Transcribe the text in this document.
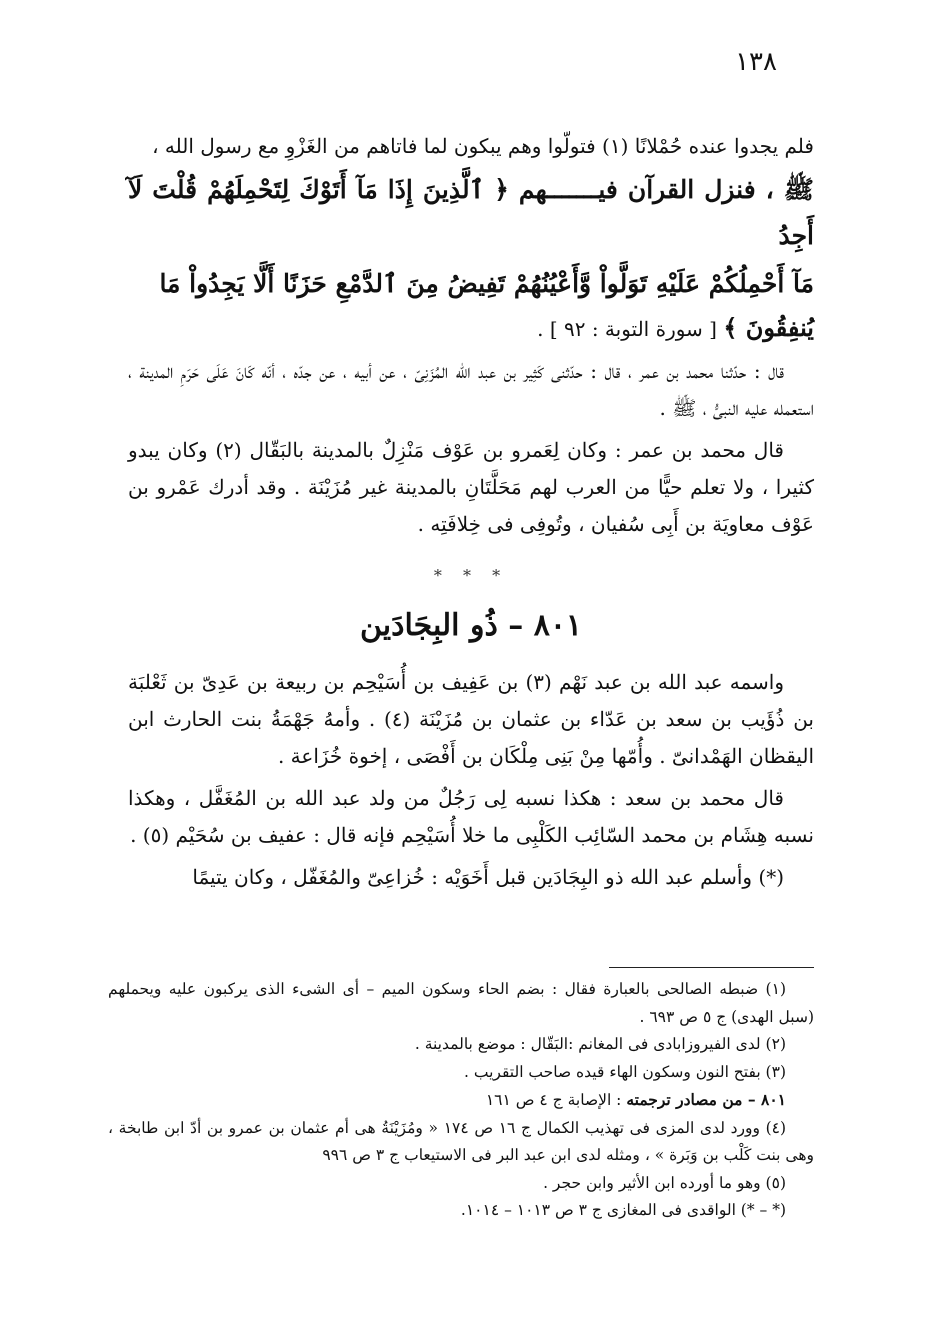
١٣٨

فلم يجدوا عنده حُمْلانًا (١) فتولّوا وهم يبكون لما فاتاهم من الغَزْوِ مع رسول الله ،

ﷺ ، فنزل القرآن فيـــــــهم ﴿ ٱلَّذِينَ إِذَا مَآ أَتَوْكَ لِتَحْمِلَهُمْ قُلْتَ لَآ أَجِدُ
مَآ أَحْمِلُكُمْ عَلَيْهِ تَوَلَّواْ وَّأَعْيُنُهُمْ تَفِيضُ مِنَ ٱلدَّمْعِ حَزَنًا أَلَّا يَجِدُواْ مَا
يُنفِقُونَ ﴾ [ سورة التوبة : ٩٢ ] .

قال : حدّثنا محمد بن عمر ، قال : حدّثنى كَثِير بن عبد الله المُزَنِىّ ، عن أبيه ، عن جدّه ، أنّه كَانَ عَلَى حَرَمِ المدينة ، استعمله عليه النبىُّ ، ﷺ .

قال محمد بن عمر : وكان لِعَمرو بن عَوْف مَنْزِلٌ بالمدينة بالبَقّال (٢) وكان يبدو كثيرا ، ولا تعلم حيًّا من العرب لهم مَحَلَّتَانِ بالمدينة غير مُزَيْنَة . وقد أدرك عَمْرو بن عَوْف معاويَة بن أَبِى سُفيان ، وتُوفِى فى خِلافَتِه .

* * *
٨٠١ – ذُو البِجَادَين

واسمه عبد الله بن عبد نَهْم (٣) بن عَفِيف بن أُسَيْحِم بن ربيعة بن عَدِىّ بن ثَعْلبَة بن ذُؤَيب بن سعد بن عَدّاء بن عثمان بن مُزَيْنَة (٤) . وأمهُ جَهْمَةُ بنت الحارث ابن اليقظان الهَمْدانىّ . وأُمّها مِنْ بَنِى مِلْكَان بن أَفْصَى ، إخوة خُزَاعة .

قال محمد بن سعد : هكذا نسبه لِى رَجُلٌ من ولد عبد الله بن المُغَفَّل ، وهكذا نسبه هِشَام بن محمد السّائِب الكَلْبِى ما خلا أُسَيْحِم فإنه قال : عفيف بن سُحَيْم (٥) .

(*) وأسلم عبد الله ذو البِجَادَين قبل أَخَوَيْه : خُزاعِىّ والمُغَفّل ، وكان يتيمًا

(١) ضبطه الصالحى بالعبارة فقال : بضم الحاء وسكون الميم – أى الشىء الذى يركبون عليه ويحملهم (سبل الهدى) ج ٥ ص ٦٩٣ .

(٢) لدى الفيروزابادى فى المغانم :البَقّال : موضع بالمدينة .

(٣) بفتح النون وسكون الهاء قيده صاحب التقريب .

٨٠١ – من مصادر ترجمته : الإصابة ج ٤ ص ١٦١

(٤) وورد لدى المزى فى تهذيب الكمال ج ١٦ ص ١٧٤ « ومُزَيْنَةُ هى أم عثمان بن عمرو بن أدّ ابن طابخة ، وهى بنت كَلْب بن وَبَرة » ، ومثله لدى ابن عبد البر فى الاستيعاب ج ٣ ص ٩٩٦

(٥) وهو ما أورده ابن الأثير وابن حجر .

(* – *) الواقدى فى المغازى ج ٣ ص ١٠١٣ – ١٠١٤.
